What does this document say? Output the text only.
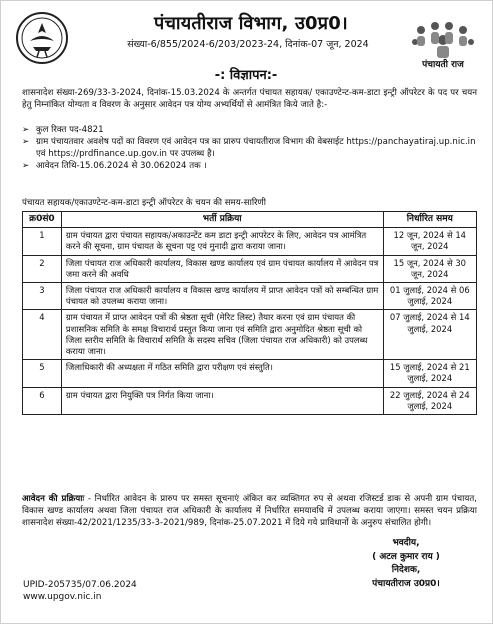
पंचायतीराज विभाग, उ0प्र0।
संख्या-6/855/2024-6/203/2023-24, दिनांक-07 जून, 2024
पंचायती राज
-: विज्ञापन:-
शासनादेश संख्या-269/33-3-2024, दिनांक-15.03.2024 के अन्तर्गत पंचायत सहायक/ एकाउण्टेन्ट-कम-डाटा इन्ट्री ऑपरेटर के पद पर चयन हेतु निम्नांकित योग्यता व विवरण के अनुसार आवेदन पत्र योग्य अभ्यर्थियों से आमंत्रित किये जाते है:-
➢ कुल रिक्त पद-4821
➢ ग्राम पंचायतवार अवशेष पदों का विवरण एवं आवेदन पत्र का प्रारुप पंचायतीराज विभाग की वेबसाईट https://panchayatiraj.up.nic.in एवं https://prdfinance.up.gov.in पर उपलब्ध है।
➢ आवेदन तिथि-15.06.2024 से 30.062024 तक ।
पंचायत सहायक/एकाउण्टेन्ट-कम-डाटा इन्ट्री ऑपरेटर के चयन की समय-सारिणी
क्र0सं0	भर्ती प्रक्रिया	निर्धारित समय
1	ग्राम पंचायत द्वारा पंचायत सहायक/अकाउन्टेंट कम डाटा इन्ट्री आपरेटर के लिए, आवेदन पत्र आमंत्रित करने की सूचना, ग्राम पंचायत के सूचना पट्ट एवं मुनादी द्वारा कराया जाना।	12 जून, 2024 से 14 जून, 2024
2	जिला पंचायत राज अधिकारी कार्यालय, विकास खण्ड कार्यालय एवं ग्राम पंचायत कार्यालय में आवेदन पत्र जमा करने की अवधि	15 जून, 2024 से 30 जून, 2024
3	जिला पंचायत राज अधिकारी कार्यालय व विकास खण्ड कार्यालय में प्राप्त आवेदन पत्रों को सम्बन्धित ग्राम पंचायत को उपलब्ध कराया जाना।	01 जुलाई, 2024 से 06 जुलाई, 2024
4	ग्राम पंचायत में प्राप्त आवेदन पत्रों की श्रेष्ठता सूची (मेरिट लिस्ट) तैयार करना एवं ग्राम पंचायत की प्रशासनिक समिति के समक्ष विचारार्थ प्रस्तुत किया जाना एवं समिति द्वारा अनुमोदित श्रेष्ठता सूची को जिला स्तरीय समिति के विचारार्थ समिति के सदस्य सचिव (जिला पंचायत राज अधिकारी) को उपलब्ध कराया जाना।	07 जुलाई, 2024 से 14 जुलाई, 2024
5	जिलाधिकारी की अध्यक्षता में गठित समिति द्वारा परीक्षण एवं संस्तुति।	15 जुलाई, 2024 से 21 जुलाई, 2024
6	ग्राम पंचायत द्वारा नियुक्ति पत्र निर्गत किया जाना।	22 जुलाई, 2024 से 24 जुलाई, 2024
आवेदन की प्रक्रियाः - निर्धारित आवेदन के प्रारुप पर समस्त सूचनाएं अंकित कर व्यक्तिगत रुप से अथवा रजिस्टर्ड डाक से अपनी ग्राम पंचायत, विकास खण्ड कार्यालय अथवा जिला पंचायत राज अधिकारी के कार्यालय में निर्धारित समयावधि में उपलब्ध कराया जाएगा। समस्त चयन प्रक्रिया शासनादेश संख्या-42/2021/1235/33-3-2021/989, दिनांक-25.07.2021 में दिये गये प्राविधानों के अनुरुप संचालित होगी।
भवदीय,
( अटल कुमार राय )
निदेशक,
पंचायतीराज उ0प्र0।
UPID-205735/07.06.2024
www.upgov.nic.in
